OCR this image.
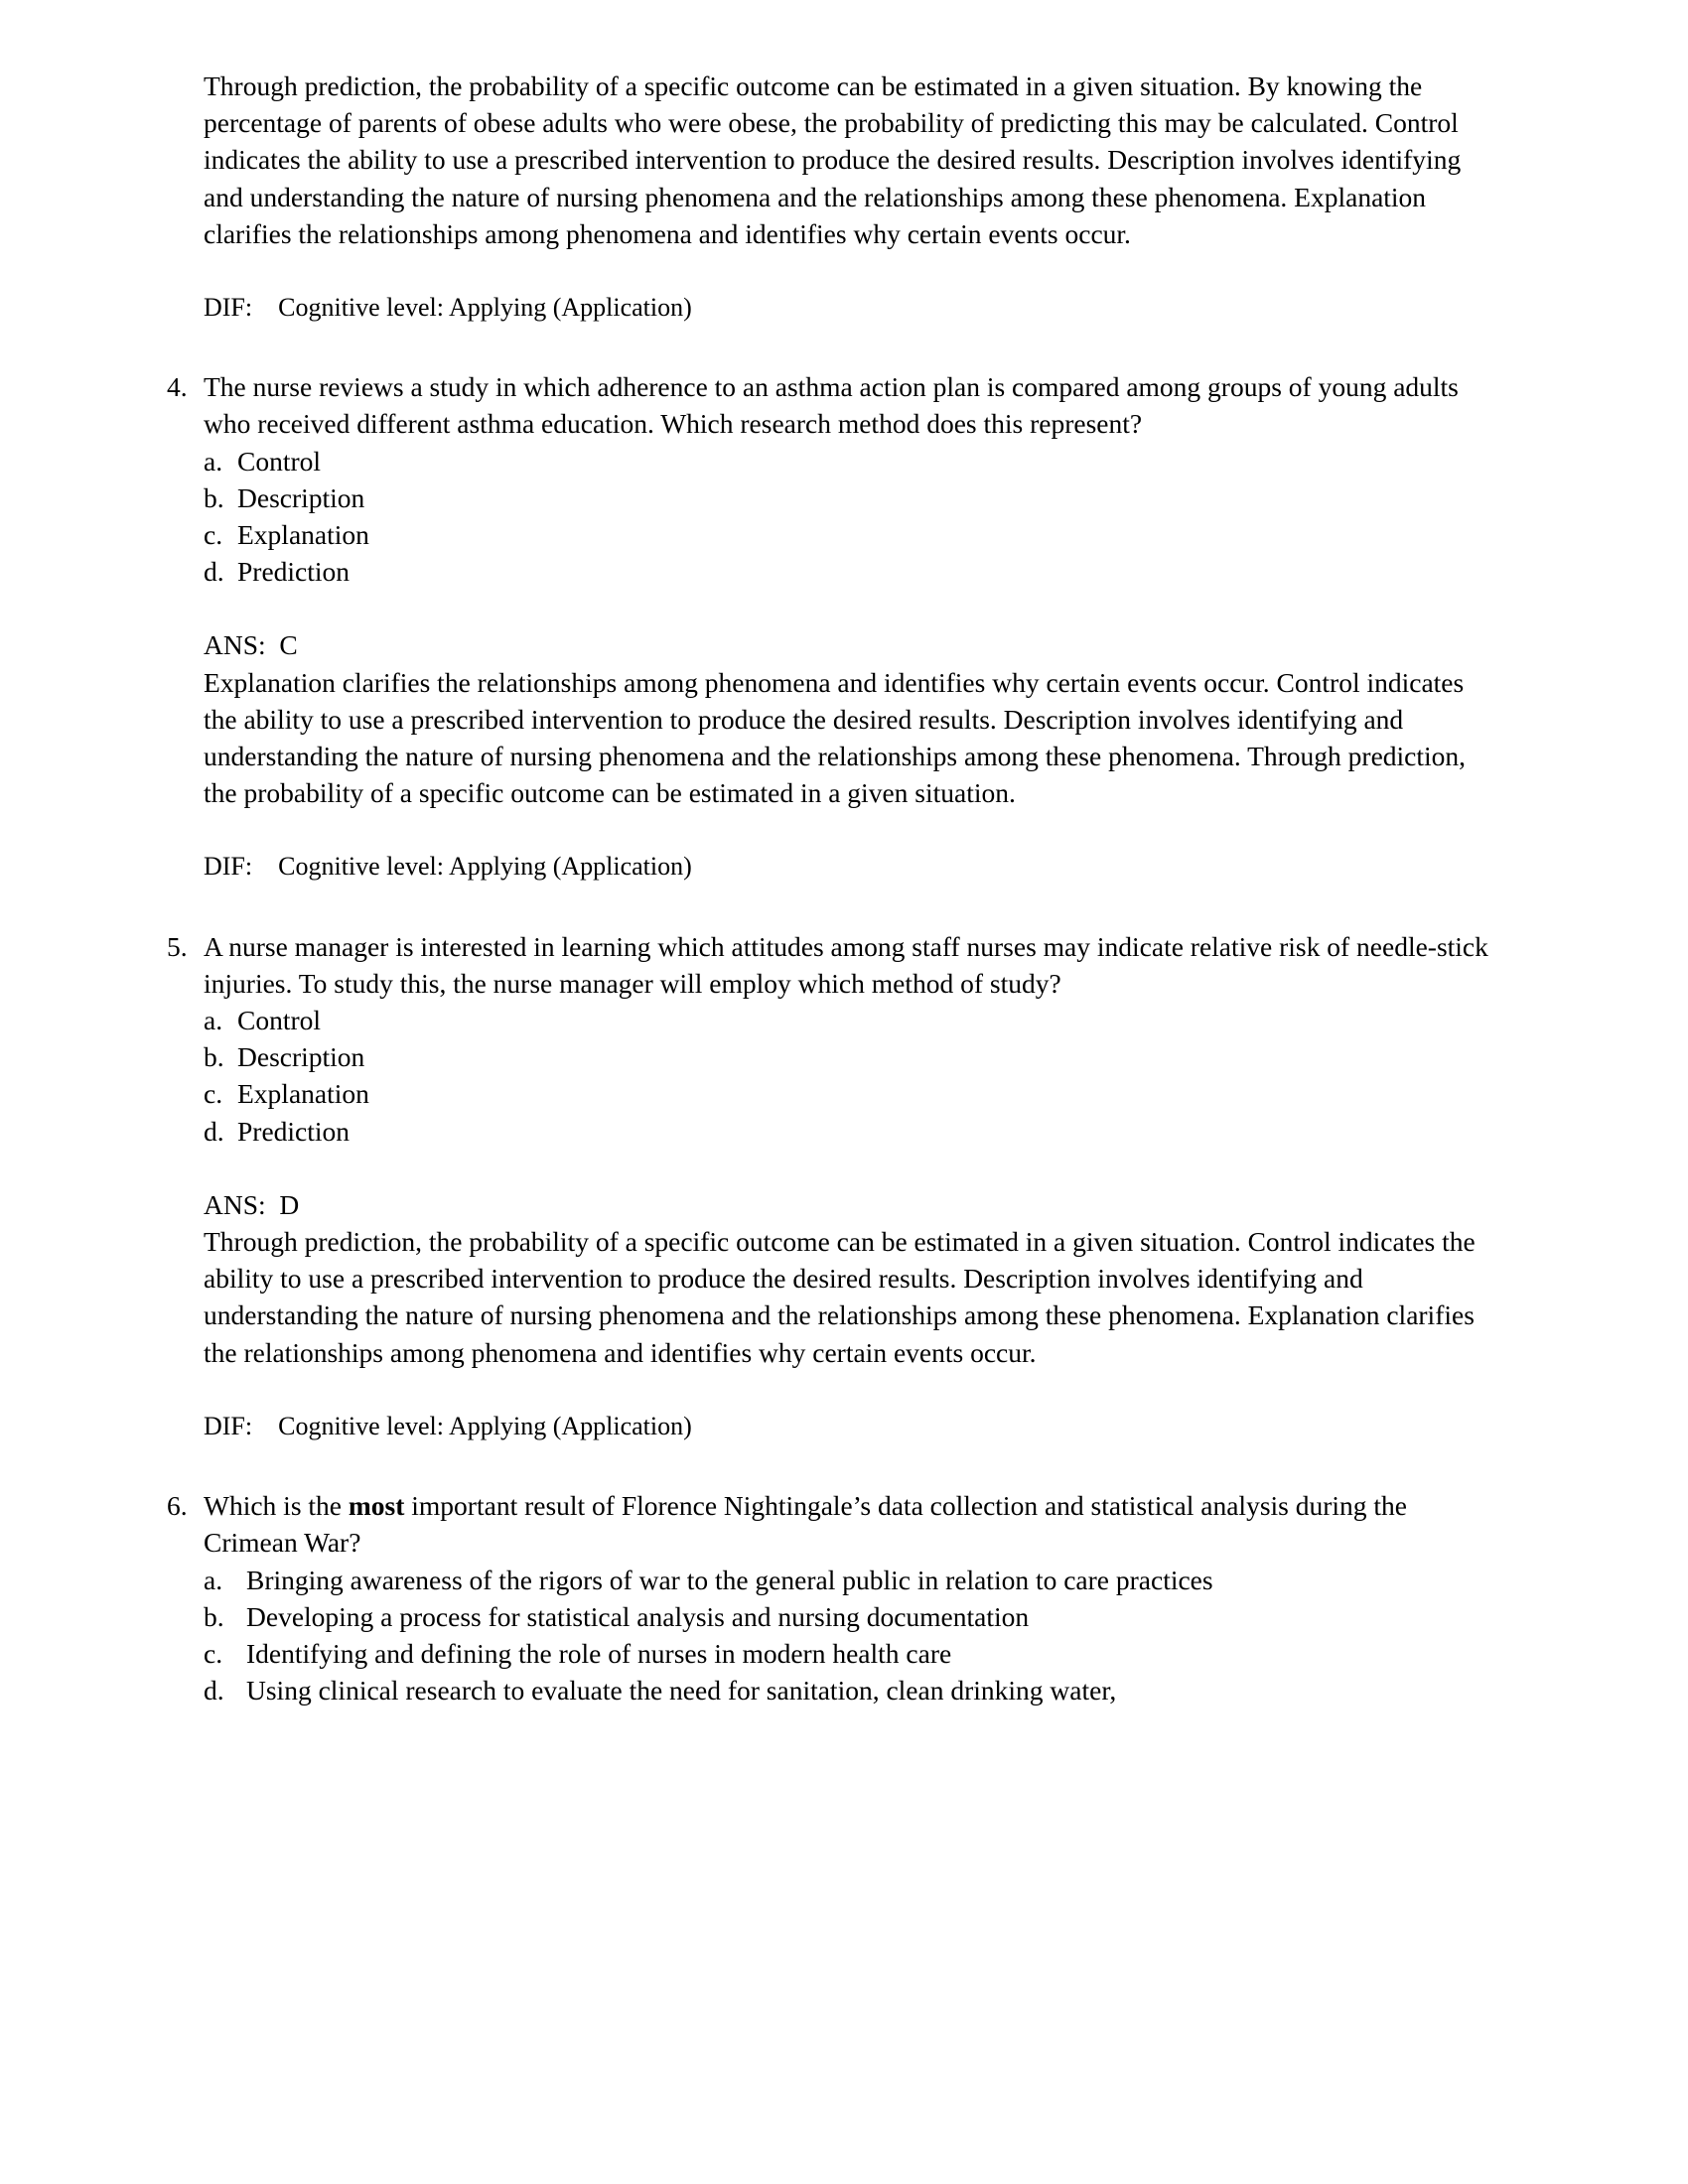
Through prediction, the probability of a specific outcome can be estimated in a given situation. By knowing the percentage of parents of obese adults who were obese, the probability of predicting this may be calculated. Control indicates the ability to use a prescribed intervention to produce the desired results. Description involves identifying and understanding the nature of nursing phenomena and the relationships among these phenomena. Explanation clarifies the relationships among phenomena and identifies why certain events occur.

DIF: Cognitive level: Applying (Application)
4. The nurse reviews a study in which adherence to an asthma action plan is compared among groups of young adults who received different asthma education. Which research method does this represent?

a. Control
b. Description
c. Explanation
d. Prediction

ANS: C

Explanation clarifies the relationships among phenomena and identifies why certain events occur. Control indicates the ability to use a prescribed intervention to produce the desired results. Description involves identifying and understanding the nature of nursing phenomena and the relationships among these phenomena. Through prediction, the probability of a specific outcome can be estimated in a given situation.

DIF: Cognitive level: Applying (Application)
5. A nurse manager is interested in learning which attitudes among staff nurses may indicate relative risk of needle-stick injuries. To study this, the nurse manager will employ which method of study?

a. Control
b. Description
c. Explanation
d. Prediction

ANS: D

Through prediction, the probability of a specific outcome can be estimated in a given situation. Control indicates the ability to use a prescribed intervention to produce the desired results. Description involves identifying and understanding the nature of nursing phenomena and the relationships among these phenomena. Explanation clarifies the relationships among phenomena and identifies why certain events occur.

DIF: Cognitive level: Applying (Application)
6. Which is the most important result of Florence Nightingale’s data collection and statistical analysis during the Crimean War?

a. Bringing awareness of the rigors of war to the general public in relation to care practices
b. Developing a process for statistical analysis and nursing documentation
c. Identifying and defining the role of nurses in modern health care
d. Using clinical research to evaluate the need for sanitation, clean drinking water,
